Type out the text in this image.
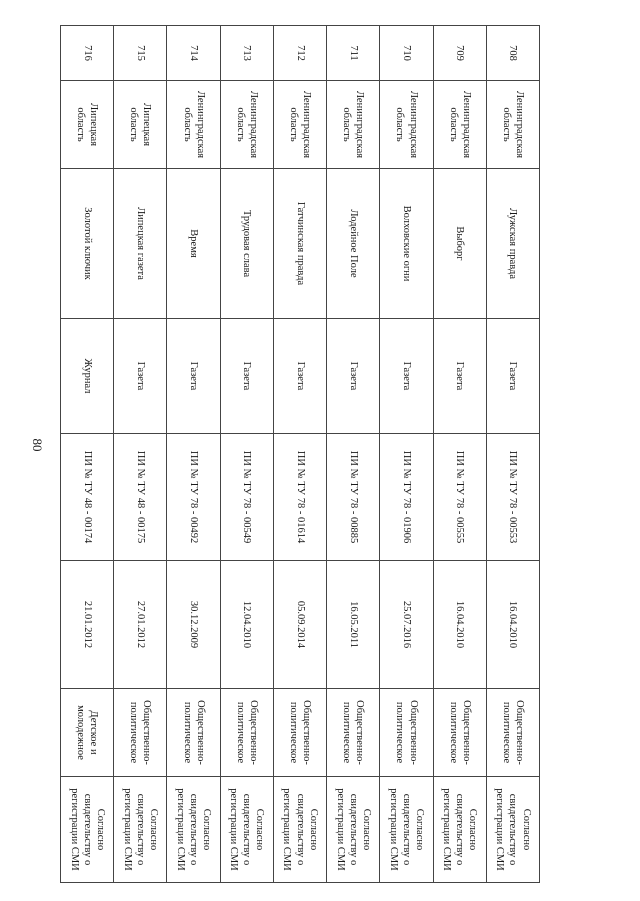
80
708	Ленинградская область	Лужская правда	Газета	ПИ № ТУ 78 - 00553	16.04.2010	Общественно-политическое	Согласно свидетельству о регистрации СМИ
709	Ленинградская область	Выборг	Газета	ПИ № ТУ 78 - 00555	16.04.2010	Общественно-политическое	Согласно свидетельству о регистрации СМИ
710	Ленинградская область	Волховские огни	Газета	ПИ № ТУ 78 - 01906	25.07.2016	Общественно-политическое	Согласно свидетельству о регистрации СМИ
711	Ленинградская область	Лодейное Поле	Газета	ПИ № ТУ 78 - 00885	16.05.2011	Общественно-политическое	Согласно свидетельству о регистрации СМИ
712	Ленинградская область	Гатчинская правда	Газета	ПИ № ТУ 78 - 01614	05.09.2014	Общественно-политическое	Согласно свидетельству о регистрации СМИ
713	Ленинградская область	Трудовая слава	Газета	ПИ № ТУ 78 - 00549	12.04.2010	Общественно-политическое	Согласно свидетельству о регистрации СМИ
714	Ленинградская область	Время	Газета	ПИ № ТУ 78 - 00492	30.12.2009	Общественно-политическое	Согласно свидетельству о регистрации СМИ
715	Липецкая область	Липецкая газета	Газета	ПИ № ТУ 48 - 00175	27.01.2012	Общественно-политическое	Согласно свидетельству о регистрации СМИ
716	Липецкая область	Золотой ключик	Журнал	ПИ № ТУ 48 - 00174	21.01.2012	Детское и молодежное	Согласно свидетельству о регистрации СМИ
